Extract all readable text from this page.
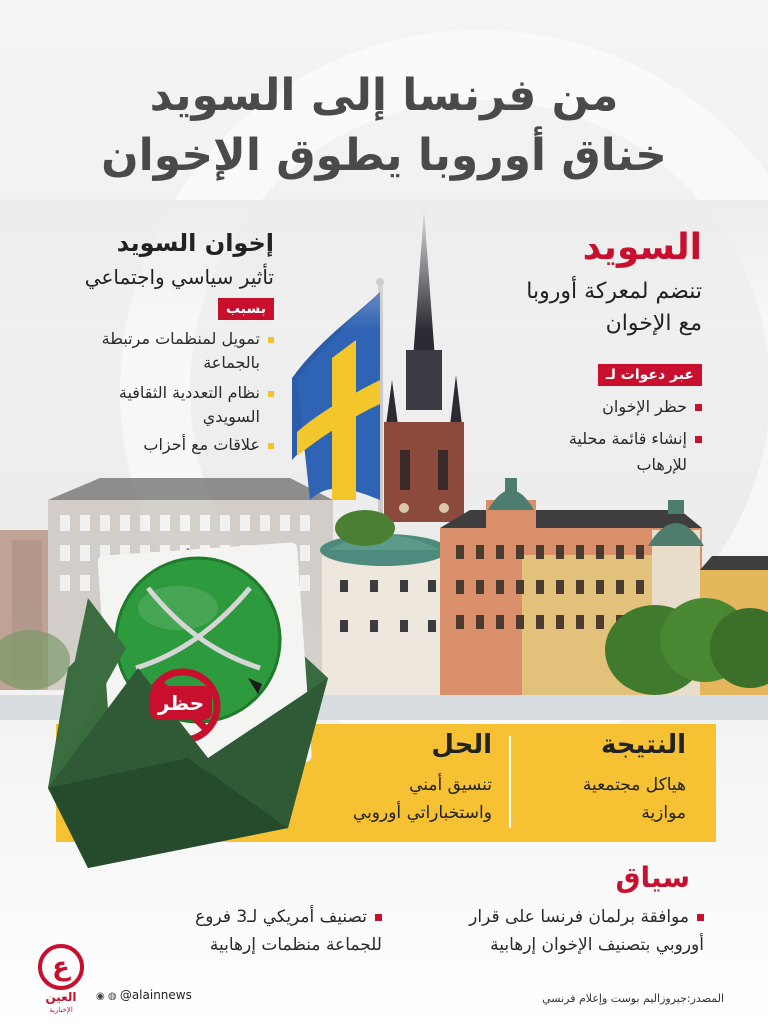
من فرنسا إلى السويد
خناق أوروبا يطوق الإخوان
السويد
تنضم لمعركة أوروبا
مع الإخوان
عبر دعوات لـ
حظر الإخوان
إنشاء قائمة محلية
للإرهاب
إخوان السويد
تأثير سياسي واجتماعي
بسبب
تمويل لمنظمات مرتبطة
بالجماعة
نظام التعددية الثقافية
السويدي
علاقات مع أحزاب
النتيجة
هياكل مجتمعية
موازية
الحل
تنسيق أمني
واستخباراتي أوروبي
حظر
سياق
موافقة برلمان فرنسا على قرار
أوروبي بتصنيف الإخوان إرهابية
تصنيف أمريكي لـ3 فروع
للجماعة منظمات إرهابية
المصدر:جيروزاليم بوست وإعلام فرنسي
◉ ◍ @alainnews
ع
العين
الإخبارية
